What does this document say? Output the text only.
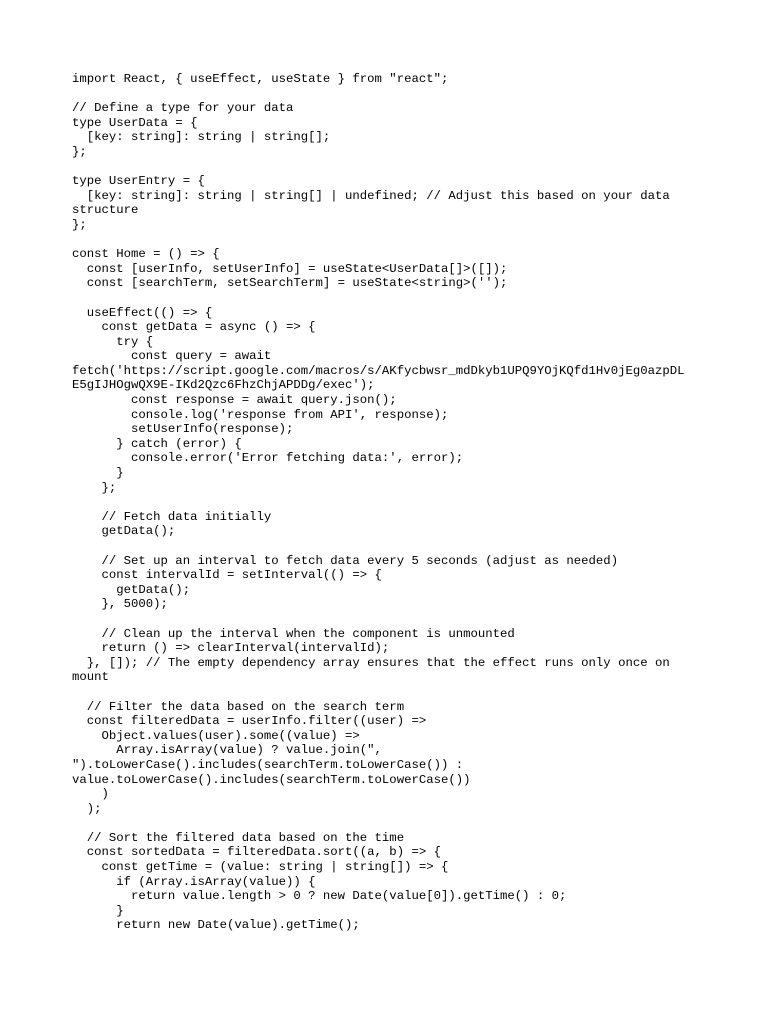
import React, { useEffect, useState } from "react";
// Define a type for your data
type UserData = {
[key: string]: string | string[];
};
type UserEntry = {
[key: string]: string | string[] | undefined; // Adjust this based on your data
structure
};
const Home = () => {
const [userInfo, setUserInfo] = useState<UserData[]>([]);
const [searchTerm, setSearchTerm] = useState<string>('');
useEffect(() => {
const getData = async () => {
try {
const query = await
fetch('https://script.google.com/macros/s/AKfycbwsr_mdDkyb1UPQ9YOjKQfd1Hv0jEg0azpDL
E5gIJHOgwQX9E-IKd2Qzc6FhzChjAPDDg/exec');
const response = await query.json();
console.log('response from API', response);
setUserInfo(response);
} catch (error) {
console.error('Error fetching data:', error);
}
};
// Fetch data initially
getData();
// Set up an interval to fetch data every 5 seconds (adjust as needed)
const intervalId = setInterval(() => {
getData();
}, 5000);
// Clean up the interval when the component is unmounted
return () => clearInterval(intervalId);
}, []); // The empty dependency array ensures that the effect runs only once on
mount
// Filter the data based on the search term
const filteredData = userInfo.filter((user) =>
Object.values(user).some((value) =>
Array.isArray(value) ? value.join(",
").toLowerCase().includes(searchTerm.toLowerCase()) :
value.toLowerCase().includes(searchTerm.toLowerCase())
)
);
// Sort the filtered data based on the time
const sortedData = filteredData.sort((a, b) => {
const getTime = (value: string | string[]) => {
if (Array.isArray(value)) {
return value.length > 0 ? new Date(value[0]).getTime() : 0;
}
return new Date(value).getTime();
